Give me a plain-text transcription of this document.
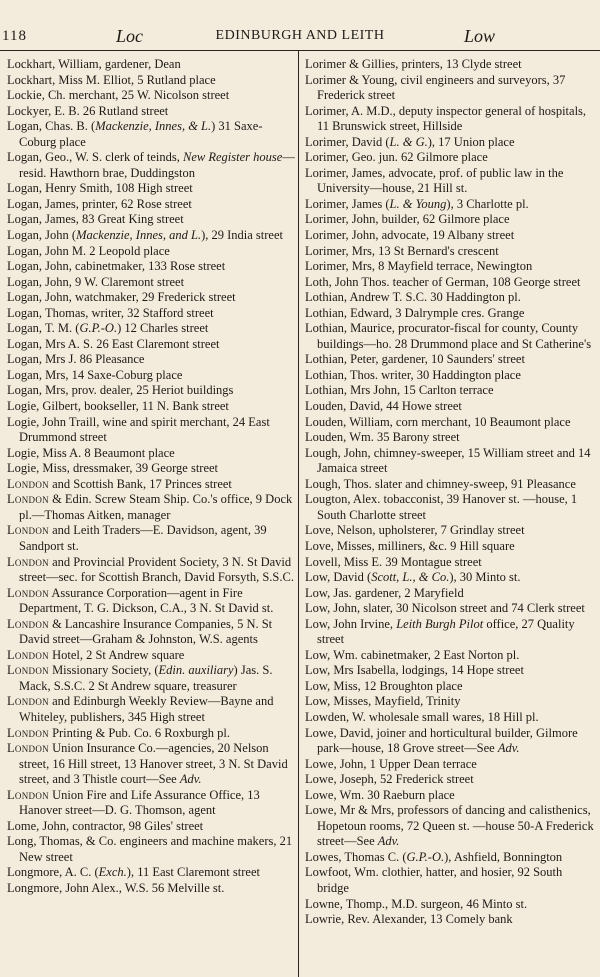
118	Loc	EDINBURGH AND LEITH	Low
Lockhart, William, gardener, Dean
Lockhart, Miss M. Elliot, 5 Rutland place
Lockie, Ch. merchant, 25 W. Nicolson street
Lockyer, E. B. 26 Rutland street
Logan, Chas. B. (Mackenzie, Innes, & L.) 31 Saxe-Coburg place
Logan, Geo., W. S. clerk of teinds, New Register house—resid. Hawthorn brae, Duddingston
Logan, Henry Smith, 108 High street
Logan, James, printer, 62 Rose street
Logan, James, 83 Great King street
Logan, John (Mackenzie, Innes, and L.), 29 India street
Logan, John M. 2 Leopold place
Logan, John, cabinetmaker, 133 Rose street
Logan, John, 9 W. Claremont street
Logan, John, watchmaker, 29 Frederick street
Logan, Thomas, writer, 32 Stafford street
Logan, T. M. (G.P.-O.) 12 Charles street
Logan, Mrs A. S. 26 East Claremont street
Logan, Mrs J. 86 Pleasance
Logan, Mrs, 14 Saxe-Coburg place
Logan, Mrs, prov. dealer, 25 Heriot buildings
Logie, Gilbert, bookseller, 11 N. Bank street
Logie, John Traill, wine and spirit merchant, 24 East Drummond street
Logie, Miss A. 8 Beaumont place
Logie, Miss, dressmaker, 39 George street
London and Scottish Bank, 17 Princes street
London & Edin. Screw Steam Ship. Co.'s office, 9 Dock pl.—Thomas Aitken, manager
London and Leith Traders—E. Davidson, agent, 39 Sandport st.
London and Provincial Provident Society, 3 N. St David street—sec. for Scottish Branch, David Forsyth, S.S.C.
London Assurance Corporation—agent in Fire Department, T. G. Dickson, C.A., 3 N. St David st.
London & Lancashire Insurance Companies, 5 N. St David street—Graham & Johnston, W.S. agents
London Hotel, 2 St Andrew square
London Missionary Society, (Edin. auxiliary) Jas. S. Mack, S.S.C. 2 St Andrew square, treasurer
London and Edinburgh Weekly Review—Bayne and Whiteley, publishers, 345 High street
London Printing & Pub. Co. 6 Roxburgh pl.
London Union Insurance Co.—agencies, 20 Nelson street, 16 Hill street, 13 Hanover street, 3 N. St David street, and 3 Thistle court—See Adv.
London Union Fire and Life Assurance Office, 13 Hanover street—D. G. Thomson, agent
Lome, John, contractor, 98 Giles' street
Long, Thomas, & Co. engineers and machine makers, 21 New street
Longmore, A. C. (Exch.), 11 East Claremont street
Longmore, John Alex., W.S. 56 Melville st.
Lorimer & Gillies, printers, 13 Clyde street
Lorimer & Young, civil engineers and surveyors, 37 Frederick street
Lorimer, A. M.D., deputy inspector general of hospitals, 11 Brunswick street, Hillside
Lorimer, David (L. & G.), 17 Union place
Lorimer, Geo. jun. 62 Gilmore place
Lorimer, James, advocate, prof. of public law in the University—house, 21 Hill st.
Lorimer, James (L. & Young), 3 Charlotte pl.
Lorimer, John, builder, 62 Gilmore place
Lorimer, John, advocate, 19 Albany street
Lorimer, Mrs, 13 St Bernard's crescent
Lorimer, Mrs, 8 Mayfield terrace, Newington
Loth, John Thos. teacher of German, 108 George street
Lothian, Andrew T. S.C. 30 Haddington pl.
Lothian, Edward, 3 Dalrymple cres. Grange
Lothian, Maurice, procurator-fiscal for county, County buildings—ho. 28 Drummond place and St Catherine's
Lothian, Peter, gardener, 10 Saunders' street
Lothian, Thos. writer, 30 Haddington place
Lothian, Mrs John, 15 Carlton terrace
Louden, David, 44 Howe street
Louden, William, corn merchant, 10 Beaumont place
Louden, Wm. 35 Barony street
Lough, John, chimney-sweeper, 15 William street and 14 Jamaica street
Lough, Thos. slater and chimney-sweep, 91 Pleasance
Lougton, Alex. tobacconist, 39 Hanover st. —house, 1 South Charlotte street
Love, Nelson, upholsterer, 7 Grindlay street
Love, Misses, milliners, &c. 9 Hill square
Lovell, Miss E. 39 Montague street
Low, David (Scott, L., & Co.), 30 Minto st.
Low, Jas. gardener, 2 Maryfield
Low, John, slater, 30 Nicolson street and 74 Clerk street
Low, John Irvine, Leith Burgh Pilot office, 27 Quality street
Low, Wm. cabinetmaker, 2 East Norton pl.
Low, Mrs Isabella, lodgings, 14 Hope street
Low, Miss, 12 Broughton place
Low, Misses, Mayfield, Trinity
Lowden, W. wholesale small wares, 18 Hill pl.
Lowe, David, joiner and horticultural builder, Gilmore park—house, 18 Grove street—See Adv.
Lowe, John, 1 Upper Dean terrace
Lowe, Joseph, 52 Frederick street
Lowe, Wm. 30 Raeburn place
Lowe, Mr & Mrs, professors of dancing and calisthenics, Hopetoun rooms, 72 Queen st. —house 50-A Frederick street—See Adv.
Lowes, Thomas C. (G.P.-O.), Ashfield, Bonnington
Lowfoot, Wm. clothier, hatter, and hosier, 92 South bridge
Lowne, Thomp., M.D. surgeon, 46 Minto st.
Lowrie, Rev. Alexander, 13 Comely bank
